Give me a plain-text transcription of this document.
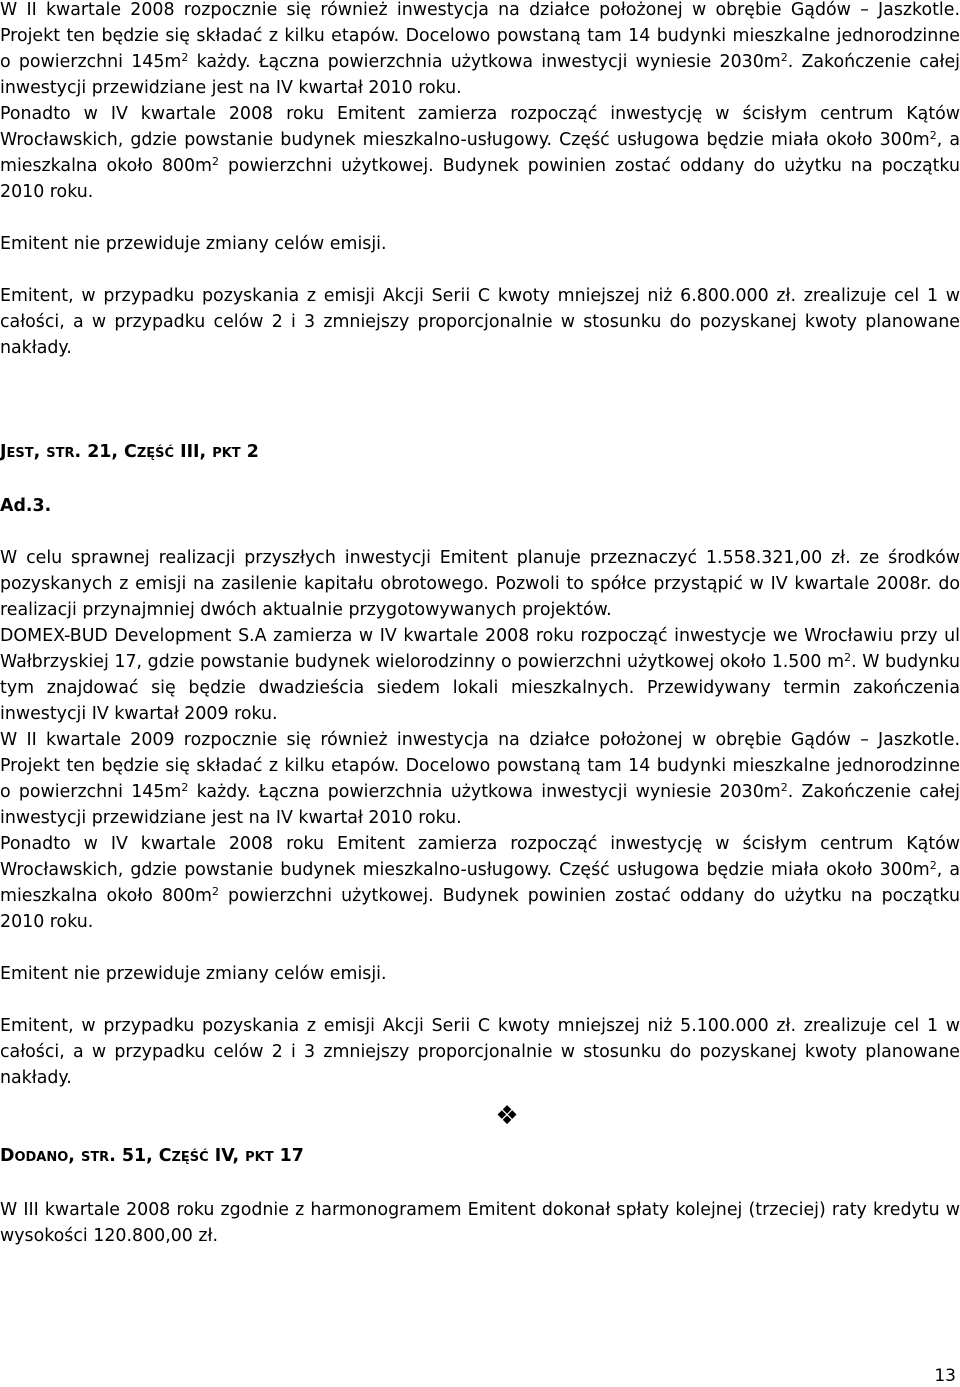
W II kwartale 2008 rozpocznie się również inwestycja na działce położonej w obrębie Gądów – Jaszkotle. Projekt ten będzie się składać z kilku etapów. Docelowo powstaną tam 14 budynki mieszkalne jednorodzinne o powierzchni $145m^2$ każdy. Łączna powierzchnia użytkowa inwestycji wyniesie $2030m^2$. Zakończenie całej inwestycji przewidziane jest na IV kwartał 2010 roku.

Ponadto w IV kwartale 2008 roku Emitent zamierza rozpocząć inwestycję w ścisłym centrum Kątów Wrocławskich, gdzie powstanie budynek mieszkalno-usługowy. Część usługowa będzie miała około $300m^2$, a mieszkalna około $800m^2$ powierzchni użytkowej. Budynek powinien zostać oddany do użytku na początku 2010 roku.

Emitent nie przewiduje zmiany celów emisji.

Emitent, w przypadku pozyskania z emisji Akcji Serii C kwoty mniejszej niż 6.800.000 zł. zrealizuje cel 1 w całości, a w przypadku celów 2 i 3 zmniejszy proporcjonalnie w stosunku do pozyskanej kwoty planowane nakłady.

JEST, STR. 21, CZĘŚĆ III, PKT 2

Ad.3.

W celu sprawnej realizacji przyszłych inwestycji Emitent planuje przeznaczyć 1.558.321,00 zł. ze środków pozyskanych z emisji na zasilenie kapitału obrotowego. Pozwoli to spółce przystąpić w IV kwartale 2008r. do realizacji przynajmniej dwóch aktualnie przygotowywanych projektów.

DOMEX-BUD Development S.A zamierza w IV kwartale 2008 roku rozpocząć inwestycje we Wrocławiu przy ul Wałbrzyskiej 17, gdzie powstanie budynek wielorodzinny o powierzchni użytkowej około 1.500 $m^2$. W budynku tym znajdować się będzie dwadzieścia siedem lokali mieszkalnych. Przewidywany termin zakończenia inwestycji IV kwartał 2009 roku.

W II kwartale 2009 rozpocznie się również inwestycja na działce położonej w obrębie Gądów – Jaszkotle. Projekt ten będzie się składać z kilku etapów. Docelowo powstaną tam 14 budynki mieszkalne jednorodzinne o powierzchni $145m^2$ każdy. Łączna powierzchnia użytkowa inwestycji wyniesie $2030m^2$. Zakończenie całej inwestycji przewidziane jest na IV kwartał 2010 roku.

Ponadto w IV kwartale 2008 roku Emitent zamierza rozpocząć inwestycję w ścisłym centrum Kątów Wrocławskich, gdzie powstanie budynek mieszkalno-usługowy. Część usługowa będzie miała około $300m^2$, a mieszkalna około $800m^2$ powierzchni użytkowej. Budynek powinien zostać oddany do użytku na początku 2010 roku.

Emitent nie przewiduje zmiany celów emisji.

Emitent, w przypadku pozyskania z emisji Akcji Serii C kwoty mniejszej niż 5.100.000 zł. zrealizuje cel 1 w całości, a w przypadku celów 2 i 3 zmniejszy proporcjonalnie w stosunku do pozyskanej kwoty planowane nakłady.

❖

DODANO, STR. 51, CZĘŚĆ IV, PKT 17

W III kwartale 2008 roku zgodnie z harmonogramem Emitent dokonał spłaty kolejnej (trzeciej) raty kredytu w wysokości 120.800,00 zł.

13
